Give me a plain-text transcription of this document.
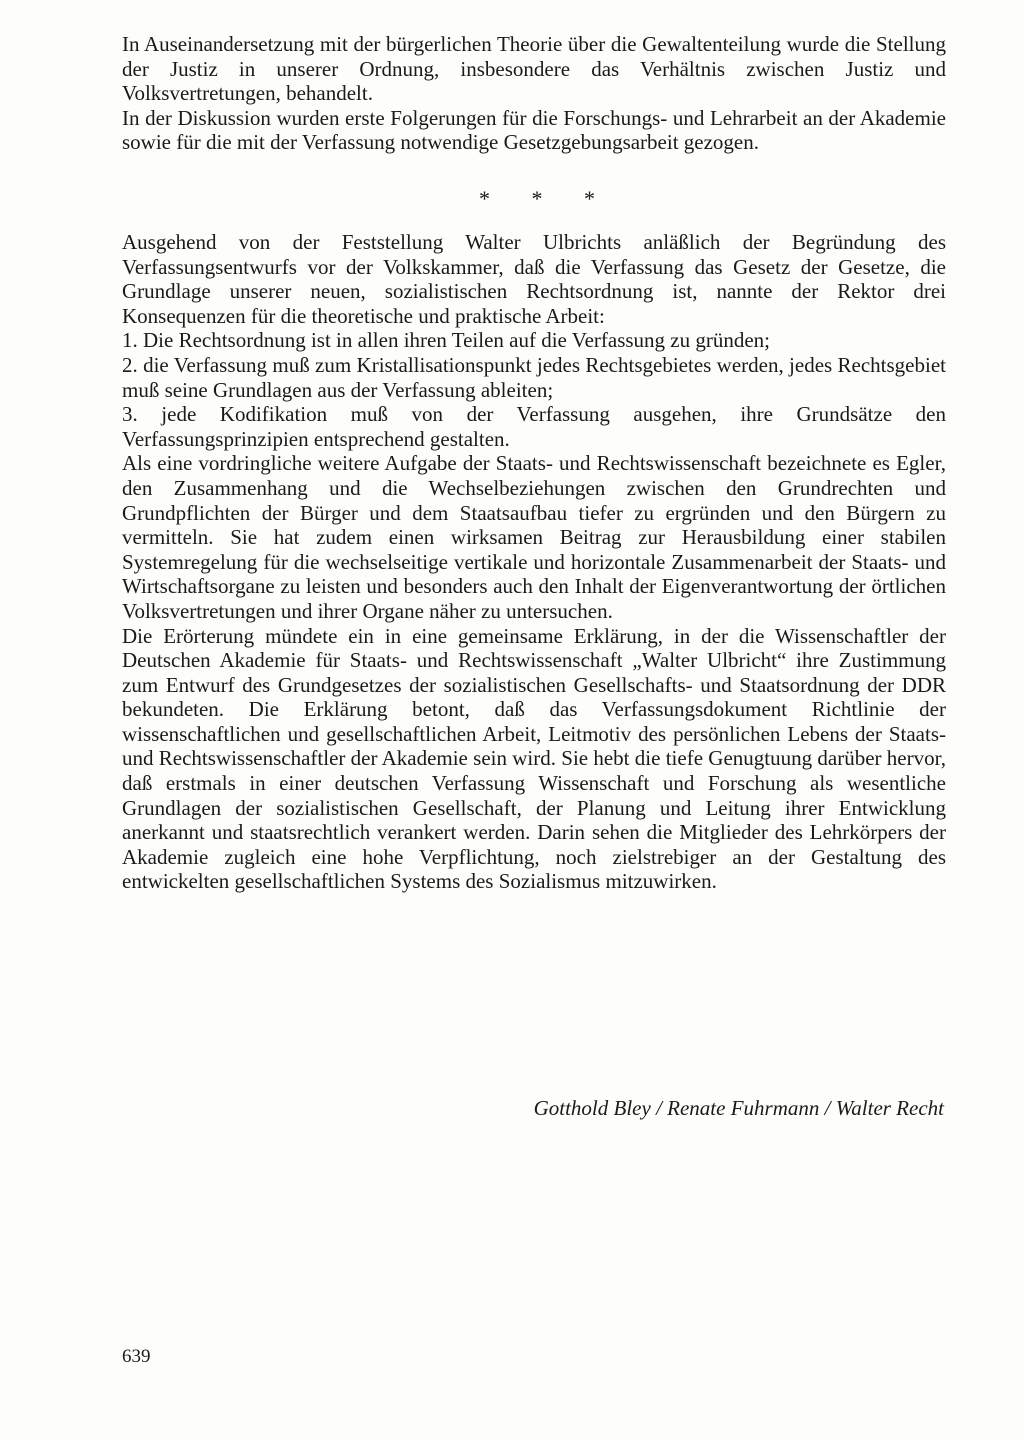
In Auseinandersetzung mit der bürgerlichen Theorie über die Gewaltenteilung wurde die Stellung der Justiz in unserer Ordnung, insbesondere das Verhältnis zwischen Justiz und Volksvertretungen, behandelt.

In der Diskussion wurden erste Folgerungen für die Forschungs- und Lehrarbeit an der Akademie sowie für die mit der Verfassung notwendige Gesetzgebungsarbeit gezogen.

* * *

Ausgehend von der Feststellung Walter Ulbrichts anläßlich der Begründung des Verfassungsentwurfs vor der Volkskammer, daß die Verfassung das Gesetz der Gesetze, die Grundlage unserer neuen, sozialistischen Rechtsordnung ist, nannte der Rektor drei Konsequenzen für die theoretische und praktische Arbeit:

1. Die Rechtsordnung ist in allen ihren Teilen auf die Verfassung zu gründen;

2. die Verfassung muß zum Kristallisationspunkt jedes Rechtsgebietes werden, jedes Rechtsgebiet muß seine Grundlagen aus der Verfassung ableiten;

3. jede Kodifikation muß von der Verfassung ausgehen, ihre Grundsätze den Verfassungsprinzipien entsprechend gestalten.

Als eine vordringliche weitere Aufgabe der Staats- und Rechtswissenschaft bezeichnete es Egler, den Zusammenhang und die Wechselbeziehungen zwischen den Grundrechten und Grundpflichten der Bürger und dem Staatsaufbau tiefer zu ergründen und den Bürgern zu vermitteln. Sie hat zudem einen wirksamen Beitrag zur Herausbildung einer stabilen Systemregelung für die wechselseitige vertikale und horizontale Zusammenarbeit der Staats- und Wirtschaftsorgane zu leisten und besonders auch den Inhalt der Eigenverantwortung der örtlichen Volksvertretungen und ihrer Organe näher zu untersuchen.

Die Erörterung mündete ein in eine gemeinsame Erklärung, in der die Wissenschaftler der Deutschen Akademie für Staats- und Rechtswissenschaft „Walter Ulbricht“ ihre Zustimmung zum Entwurf des Grundgesetzes der sozialistischen Gesellschafts- und Staatsordnung der DDR bekundeten. Die Erklärung betont, daß das Verfassungsdokument Richtlinie der wissenschaftlichen und gesellschaftlichen Arbeit, Leitmotiv des persönlichen Lebens der Staats- und Rechtswissenschaftler der Akademie sein wird. Sie hebt die tiefe Genugtuung darüber hervor, daß erstmals in einer deutschen Verfassung Wissenschaft und Forschung als wesentliche Grundlagen der sozialistischen Gesellschaft, der Planung und Leitung ihrer Entwicklung anerkannt und staatsrechtlich verankert werden. Darin sehen die Mitglieder des Lehrkörpers der Akademie zugleich eine hohe Verpflichtung, noch zielstrebiger an der Gestaltung des entwickelten gesellschaftlichen Systems des Sozialismus mitzuwirken.

Gotthold Bley / Renate Fuhrmann / Walter Recht
639
